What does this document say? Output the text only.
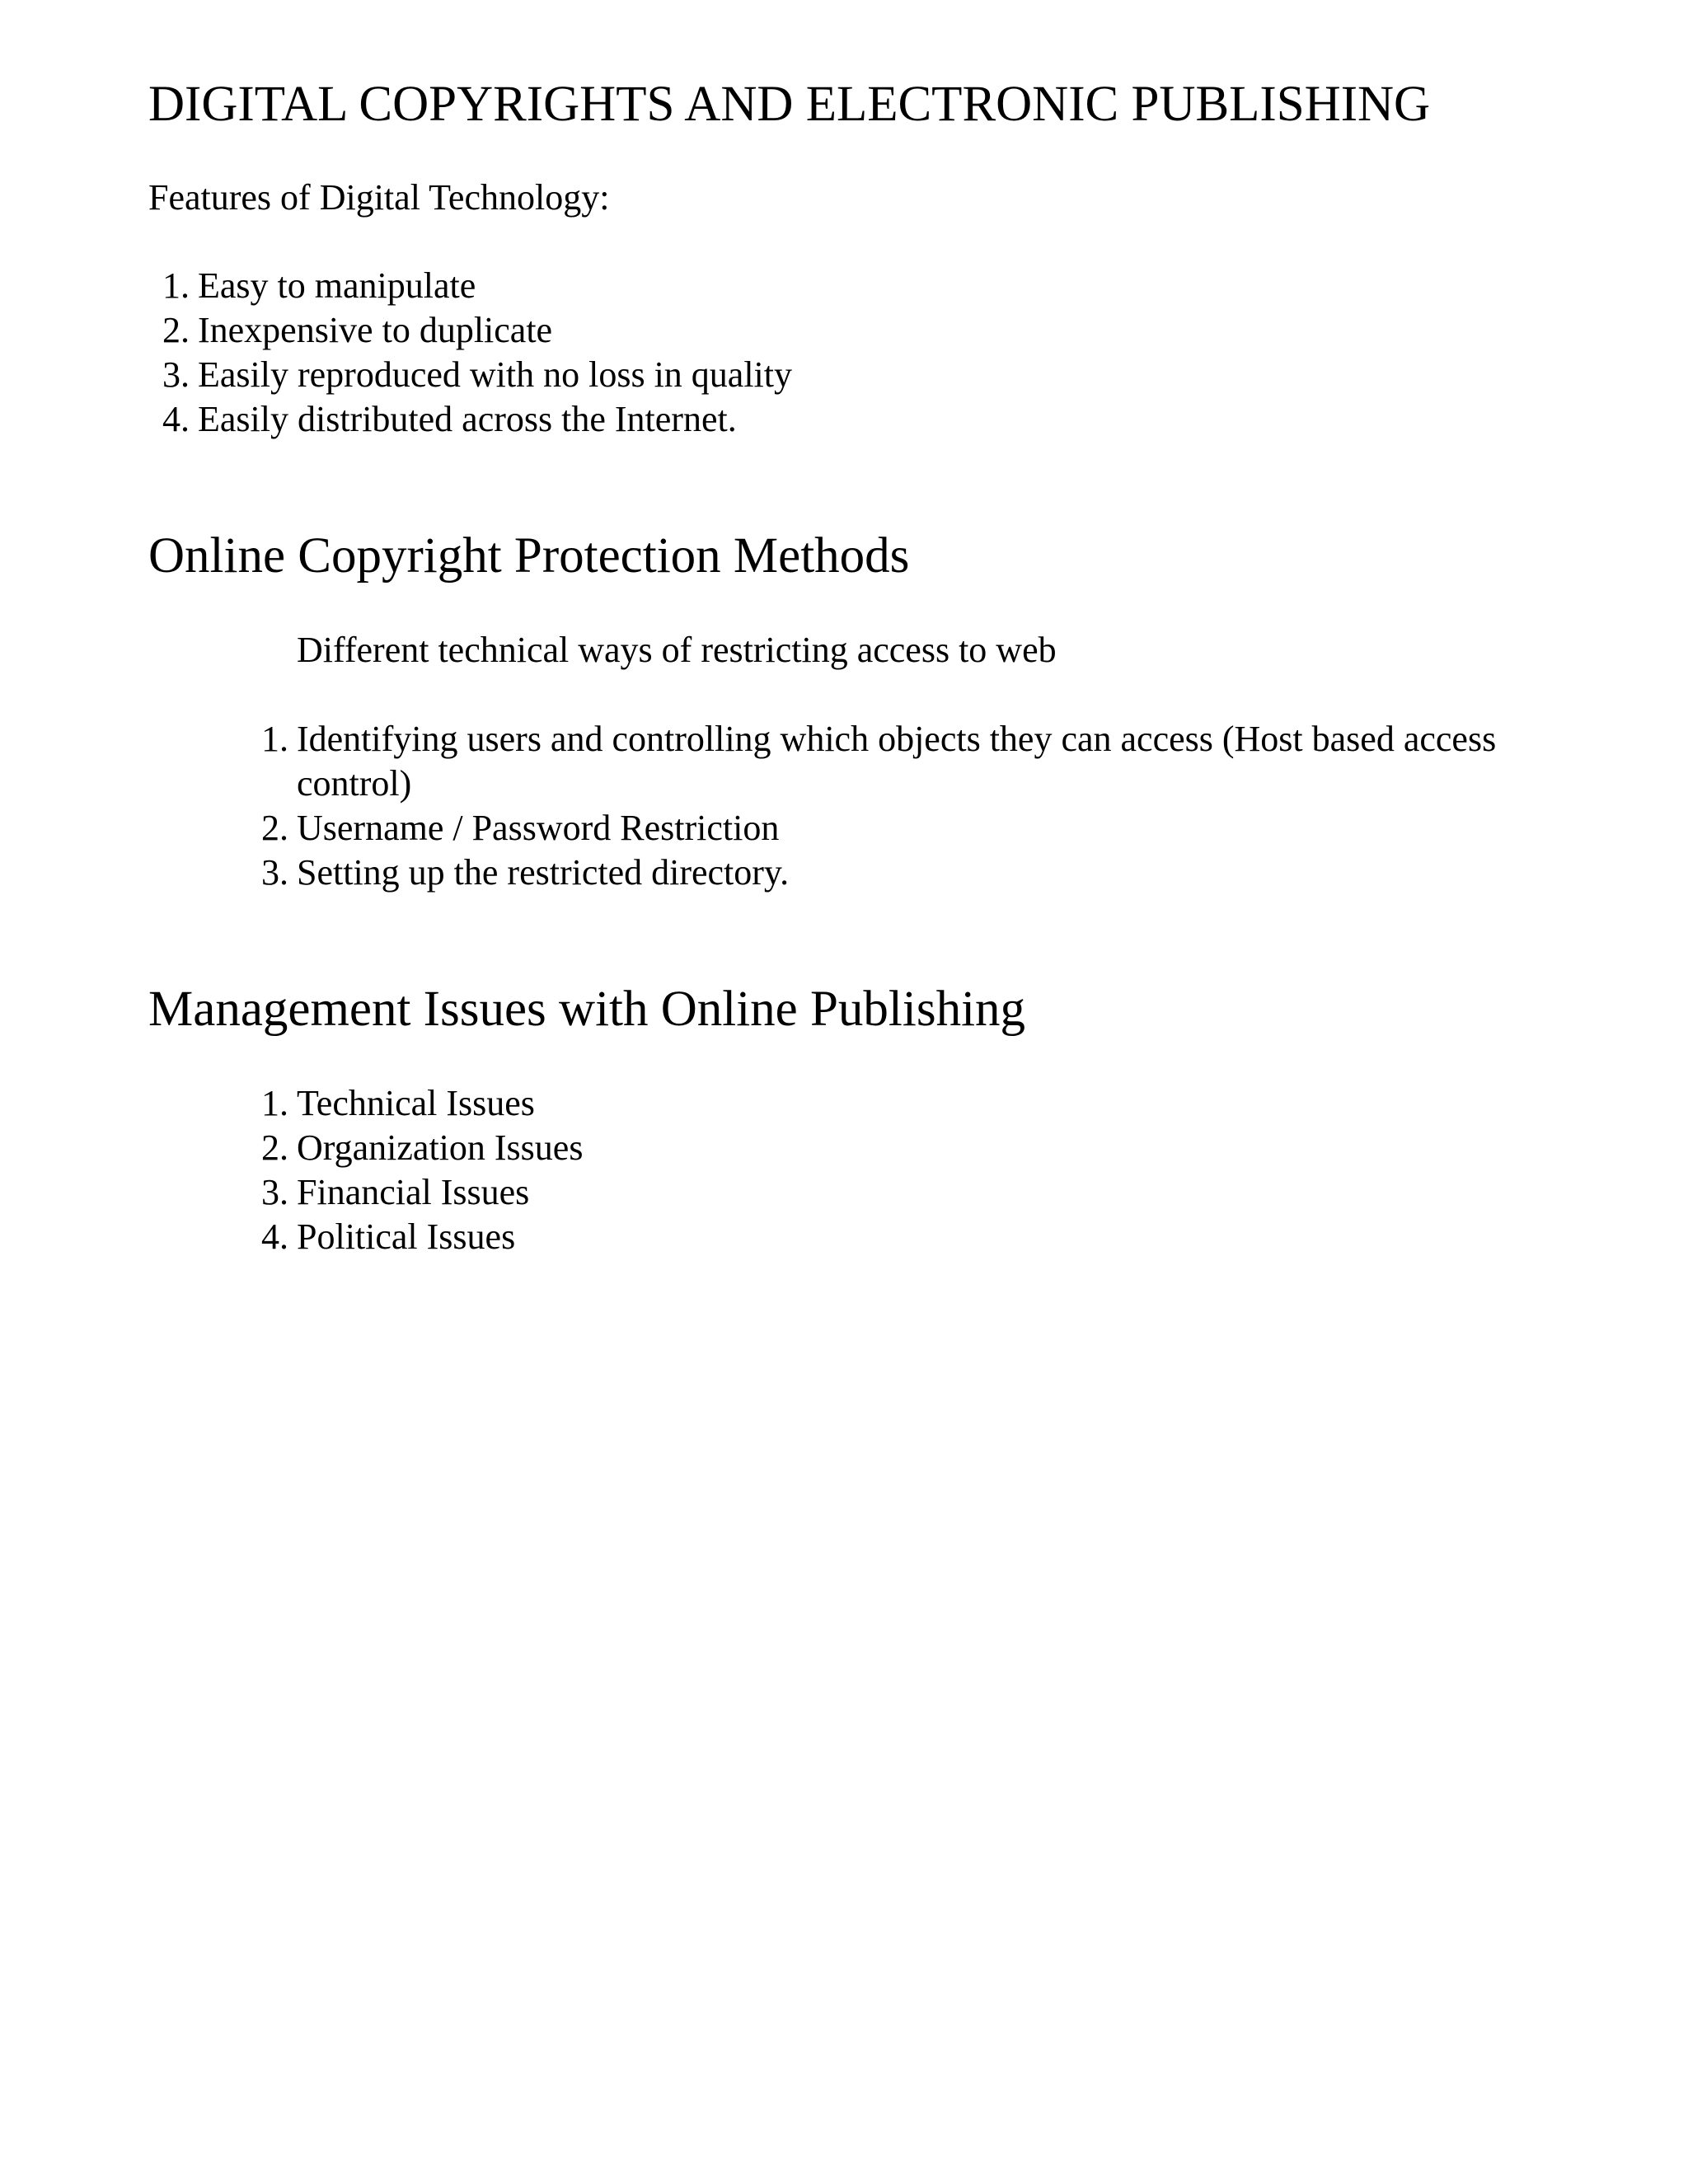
DIGITAL COPYRIGHTS AND ELECTRONIC PUBLISHING

Features of Digital Technology:

1. Easy to manipulate
2. Inexpensive to duplicate
3. Easily reproduced with no loss in quality
4. Easily distributed across the Internet.
Online Copyright Protection Methods

Different technical ways of restricting access to web

1. Identifying users and controlling which objects they can access (Host based access control)
2. Username / Password Restriction
3. Setting up the restricted directory.
Management Issues with Online Publishing
1. Technical Issues
2. Organization Issues
3. Financial Issues
4. Political Issues
